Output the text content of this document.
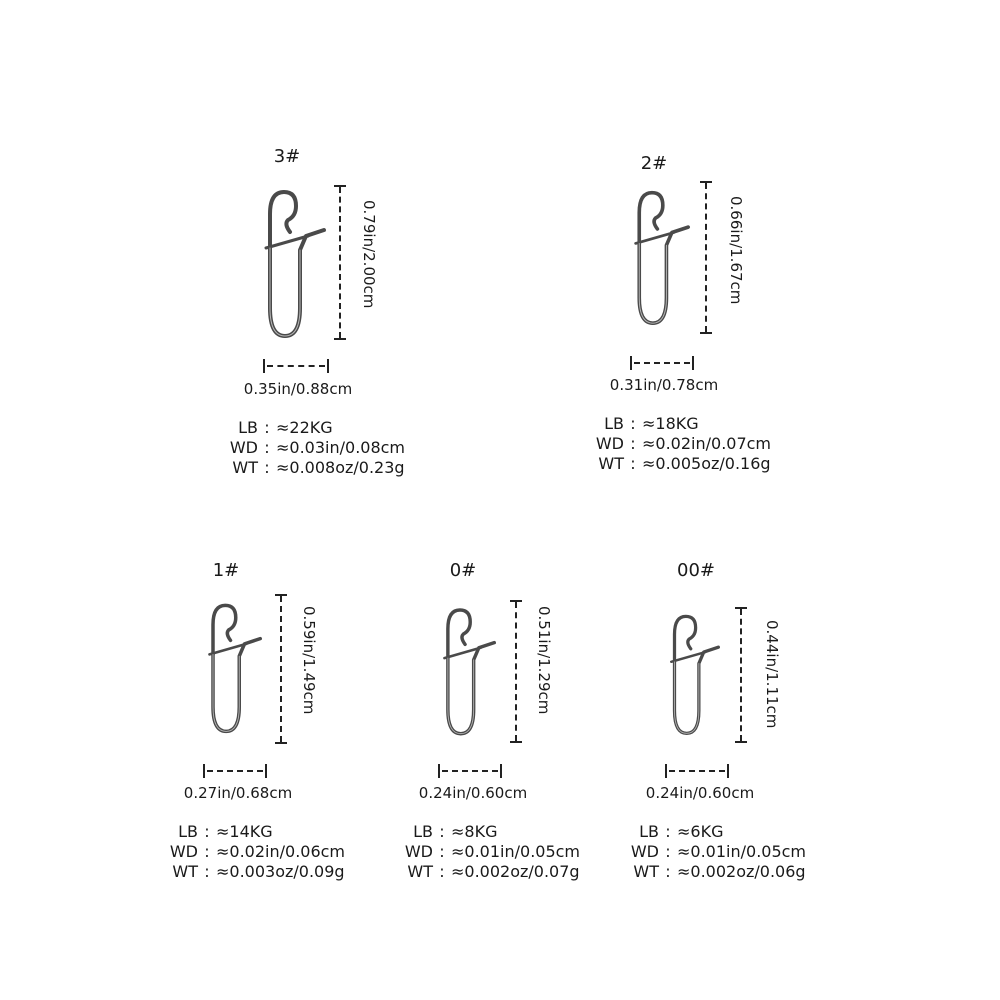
3#
0.79in/2.00cm
0.35in/0.88cm
LB : ≈22KG
WD : ≈0.03in/0.08cm
WT : ≈0.008oz/0.23g
2#
0.66in/1.67cm
0.31in/0.78cm
LB : ≈18KG
WD : ≈0.02in/0.07cm
WT : ≈0.005oz/0.16g
1#
0.59in/1.49cm
0.27in/0.68cm
LB : ≈14KG
WD : ≈0.02in/0.06cm
WT : ≈0.003oz/0.09g
0#
0.51in/1.29cm
0.24in/0.60cm
LB : ≈8KG
WD : ≈0.01in/0.05cm
WT : ≈0.002oz/0.07g
00#
0.44in/1.11cm
0.24in/0.60cm
LB : ≈6KG
WD : ≈0.01in/0.05cm
WT : ≈0.002oz/0.06g
